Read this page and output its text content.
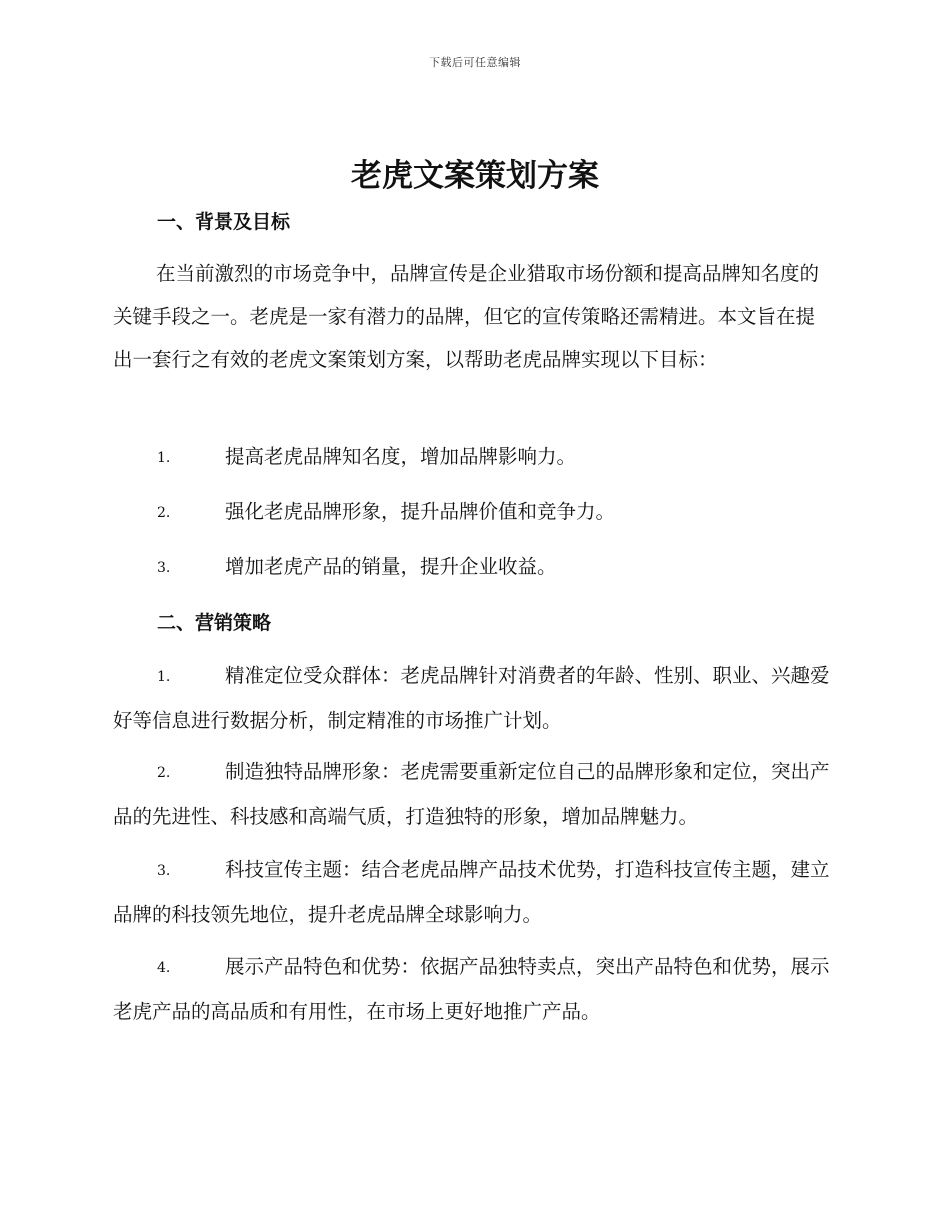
下载后可任意编辑
老虎文案策划方案
一、背景及目标

在当前激烈的市场竞争中，品牌宣传是企业猎取市场份额和提高品牌知名度的关键手段之一。老虎是一家有潜力的品牌，但它的宣传策略还需精进。本文旨在提出一套行之有效的老虎文案策划方案，以帮助老虎品牌实现以下目标：

1.	提高老虎品牌知名度，增加品牌影响力。
2.	强化老虎品牌形象，提升品牌价值和竞争力。
3.	增加老虎产品的销量，提升企业收益。
二、营销策略

1.	精准定位受众群体：老虎品牌针对消费者的年龄、性别、职业、兴趣爱好等信息进行数据分析，制定精准的市场推广计划。

2.	制造独特品牌形象：老虎需要重新定位自己的品牌形象和定位，突出产品的先进性、科技感和高端气质，打造独特的形象，增加品牌魅力。

3.	科技宣传主题：结合老虎品牌产品技术优势，打造科技宣传主题，建立品牌的科技领先地位，提升老虎品牌全球影响力。

4.	展示产品特色和优势：依据产品独特卖点，突出产品特色和优势，展示老虎产品的高品质和有用性，在市场上更好地推广产品。
